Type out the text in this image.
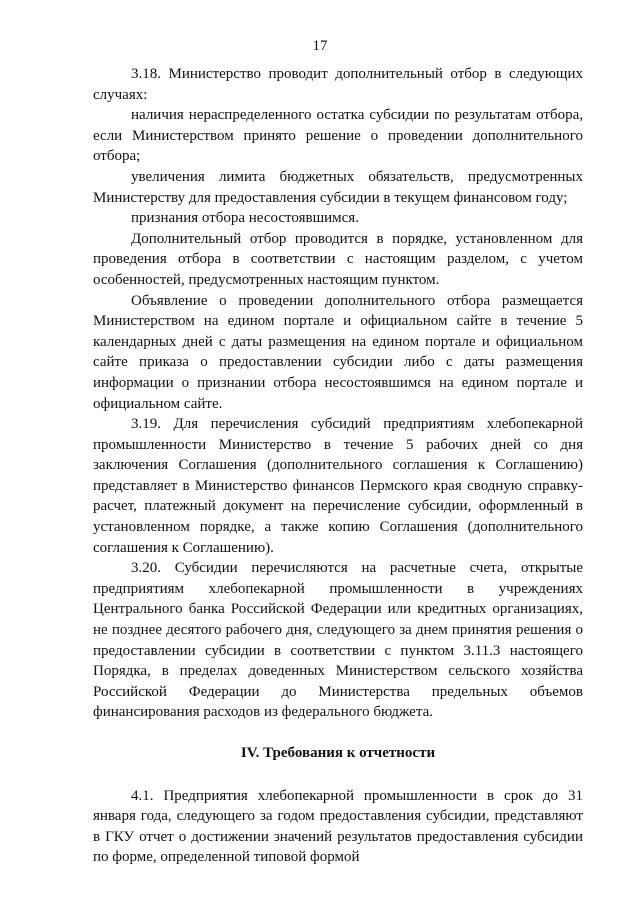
17

3.18. Министерство проводит дополнительный отбор в следующих случаях:

наличия нераспределенного остатка субсидии по результатам отбора, если Министерством принято решение о проведении дополнительного отбора;

увеличения лимита бюджетных обязательств, предусмотренных Министерству для предоставления субсидии в текущем финансовом году;

признания отбора несостоявшимся.

Дополнительный отбор проводится в порядке, установленном для проведения отбора в соответствии с настоящим разделом, с учетом особенностей, предусмотренных настоящим пунктом.

Объявление о проведении дополнительного отбора размещается Министерством на едином портале и официальном сайте в течение 5 календарных дней с даты размещения на едином портале и официальном сайте приказа о предоставлении субсидии либо с даты размещения информации о признании отбора несостоявшимся на едином портале и официальном сайте.

3.19. Для перечисления субсидий предприятиям хлебопекарной промышленности Министерство в течение 5 рабочих дней со дня заключения Соглашения (дополнительного соглашения к Соглашению) представляет в Министерство финансов Пермского края сводную справку-расчет, платежный документ на перечисление субсидии, оформленный в установленном порядке, а также копию Соглашения (дополнительного соглашения к Соглашению).

3.20. Субсидии перечисляются на расчетные счета, открытые предприятиям хлебопекарной промышленности в учреждениях Центрального банка Российской Федерации или кредитных организациях, не позднее десятого рабочего дня, следующего за днем принятия решения о предоставлении субсидии в соответствии с пунктом 3.11.3 настоящего Порядка, в пределах доведенных Министерством сельского хозяйства Российской Федерации до Министерства предельных объемов финансирования расходов из федерального бюджета.

IV. Требования к отчетности

4.1. Предприятия хлебопекарной промышленности в срок до 31 января года, следующего за годом предоставления субсидии, представляют в ГКУ отчет о достижении значений результатов предоставления субсидии по форме, определенной типовой формой
